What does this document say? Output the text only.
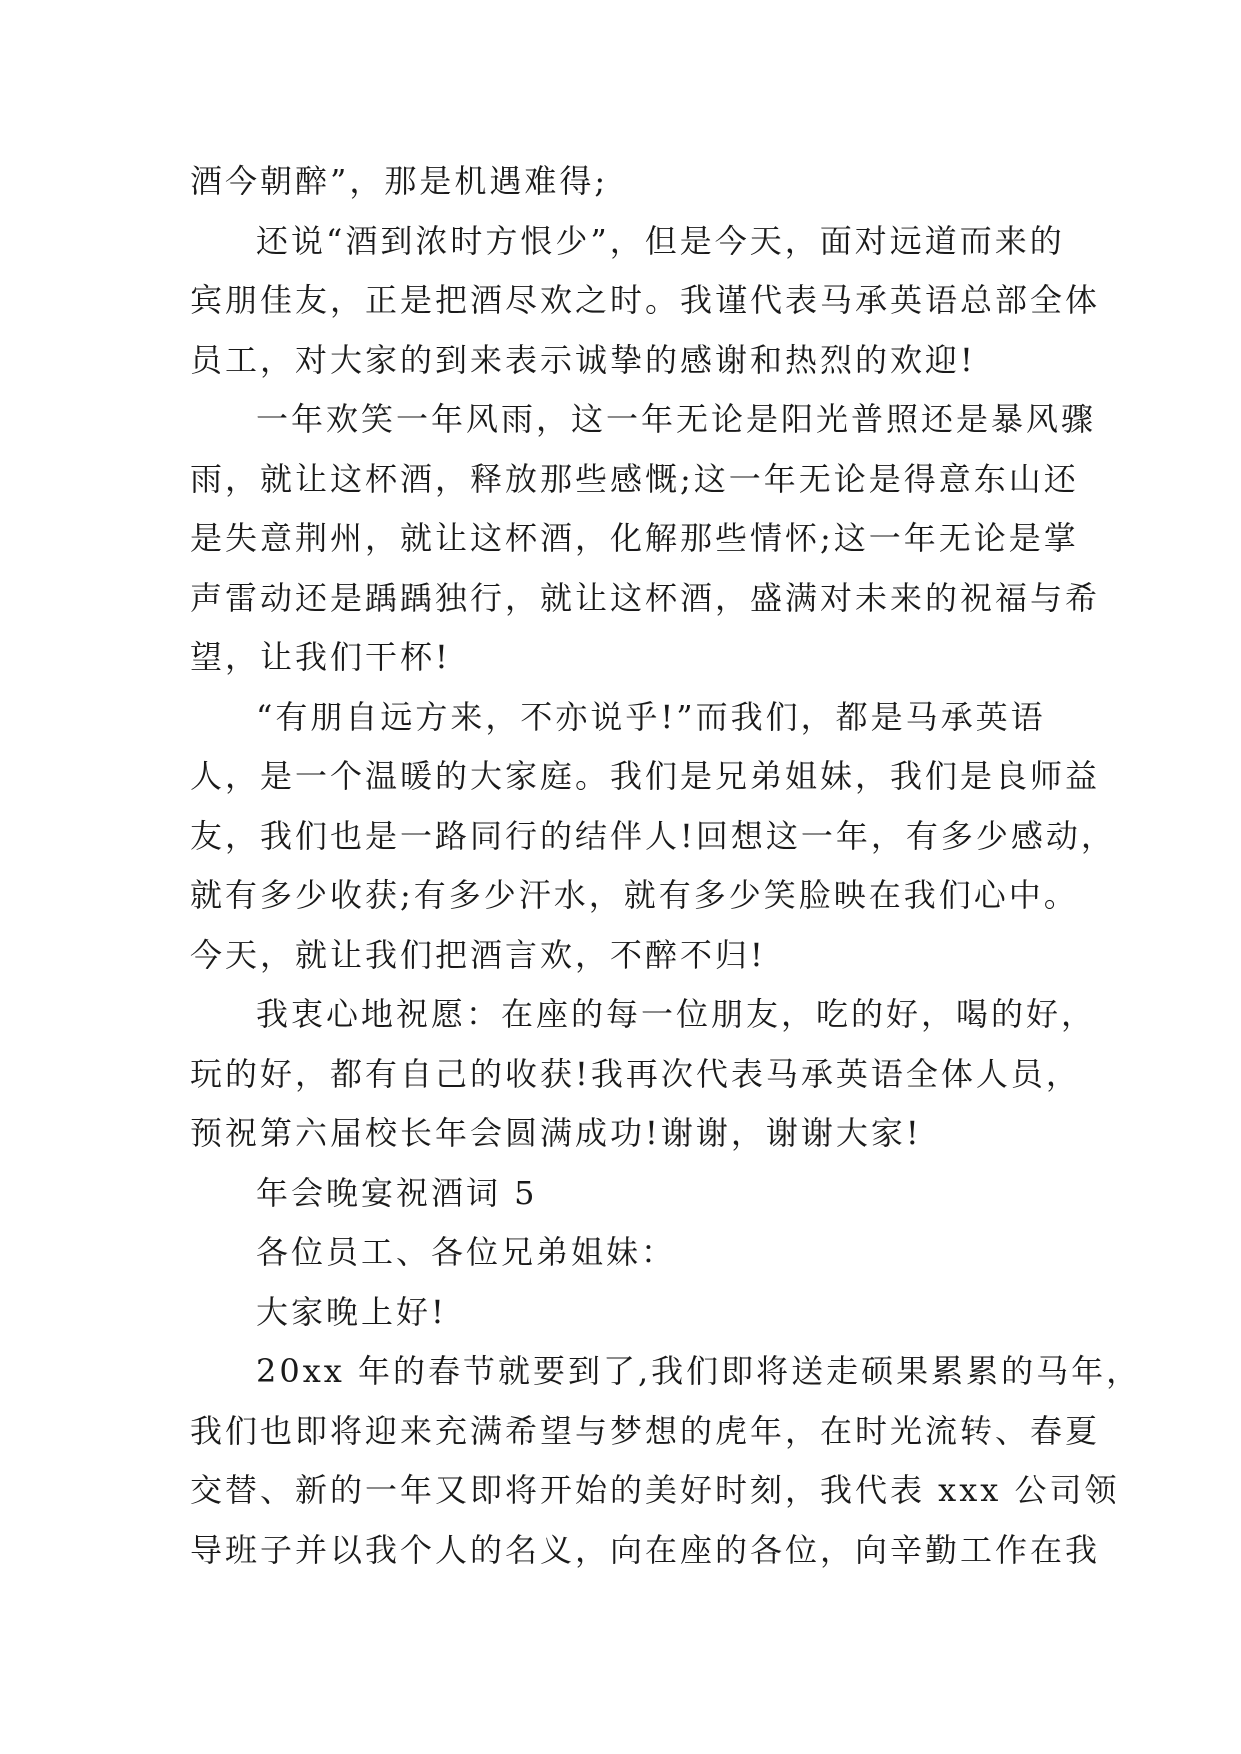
酒今朝醉”，那是机遇难得;
还说“酒到浓时方恨少”，但是今天，面对远道而来的
宾朋佳友，正是把酒尽欢之时。我谨代表马承英语总部全体
员工，对大家的到来表示诚挚的感谢和热烈的欢迎!
一年欢笑一年风雨，这一年无论是阳光普照还是暴风骤
雨，就让这杯酒，释放那些感慨;这一年无论是得意东山还
是失意荆州，就让这杯酒，化解那些情怀;这一年无论是掌
声雷动还是踽踽独行，就让这杯酒，盛满对未来的祝福与希
望，让我们干杯!
“有朋自远方来，不亦说乎!”而我们，都是马承英语
人，是一个温暖的大家庭。我们是兄弟姐妹，我们是良师益
友，我们也是一路同行的结伴人!回想这一年，有多少感动，
就有多少收获;有多少汗水，就有多少笑脸映在我们心中。
今天，就让我们把酒言欢，不醉不归!
我衷心地祝愿：在座的每一位朋友，吃的好，喝的好，
玩的好，都有自己的收获!我再次代表马承英语全体人员，
预祝第六届校长年会圆满成功!谢谢，谢谢大家!
年会晚宴祝酒词 5
各位员工、各位兄弟姐妹：
大家晚上好!
20xx 年的春节就要到了,我们即将送走硕果累累的马年，
我们也即将迎来充满希望与梦想的虎年，在时光流转、春夏
交替、新的一年又即将开始的美好时刻，我代表 xxx 公司领
导班子并以我个人的名义，向在座的各位，向辛勤工作在我
